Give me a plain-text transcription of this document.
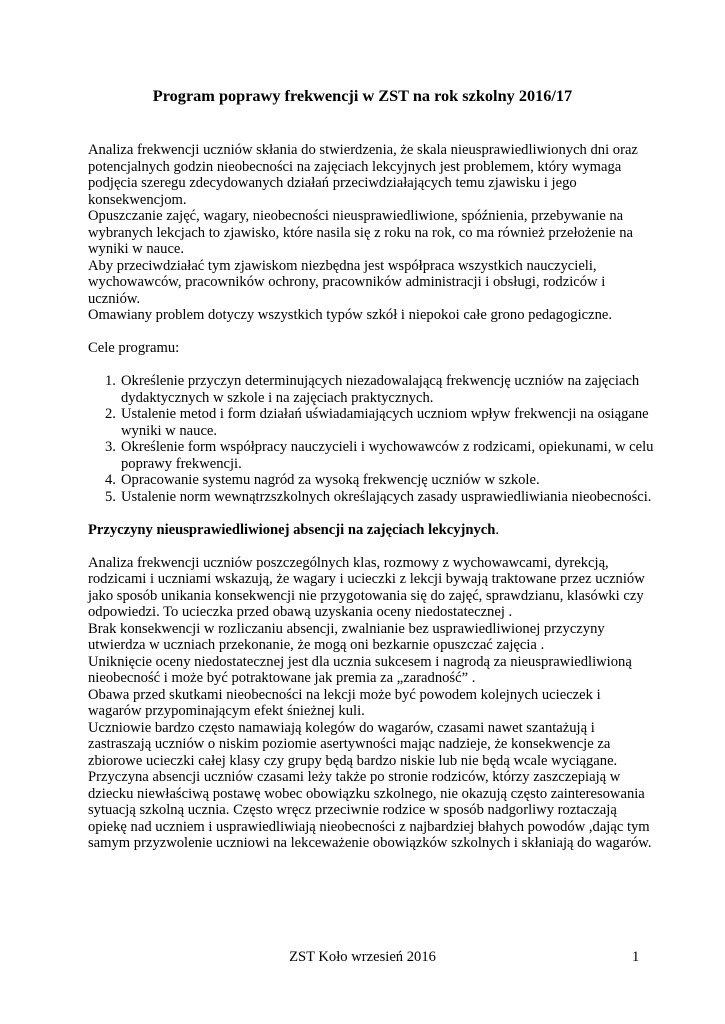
Program poprawy frekwencji w ZST na rok szkolny 2016/17

Analiza frekwencji uczniów skłania do stwierdzenia, że skala nieusprawiedliwionych dni oraz potencjalnych godzin nieobecności na zajęciach lekcyjnych jest problemem, który wymaga podjęcia szeregu zdecydowanych działań przeciwdziałających temu zjawisku i jego konsekwencjom.

Opuszczanie zajęć, wagary, nieobecności nieusprawiedliwione, spóźnienia, przebywanie na wybranych lekcjach to zjawisko, które nasila się z roku na rok, co ma również przełożenie na wyniki w nauce.

Aby przeciwdziałać tym zjawiskom niezbędna jest współpraca wszystkich nauczycieli, wychowawców, pracowników ochrony, pracowników administracji i obsługi, rodziców i uczniów.

Omawiany problem dotyczy wszystkich typów szkół i niepokoi całe grono pedagogiczne.

Cele programu:

1. Określenie przyczyn determinujących niezadowalającą frekwencję uczniów na zajęciach dydaktycznych w szkole i na zajęciach praktycznych.
2. Ustalenie metod i form działań uświadamiających uczniom wpływ frekwencji na osiągane wyniki w nauce.
3. Określenie form współpracy nauczycieli i wychowawców z rodzicami, opiekunami, w celu poprawy frekwencji.
4. Opracowanie systemu nagród za wysoką frekwencję uczniów w szkole.
5. Ustalenie norm wewnątrzszkolnych określających zasady usprawiedliwiania nieobecności.

Przyczyny nieusprawiedliwionej absencji na zajęciach lekcyjnych.

Analiza frekwencji uczniów poszczególnych klas, rozmowy z wychowawcami, dyrekcją, rodzicami i uczniami wskazują, że wagary i ucieczki z lekcji bywają traktowane przez uczniów jako sposób unikania konsekwencji nie przygotowania się do zajęć, sprawdzianu, klasówki czy odpowiedzi. To ucieczka przed obawą uzyskania oceny niedostatecznej .

Brak konsekwencji w rozliczaniu absencji, zwalnianie bez usprawiedliwionej przyczyny utwierdza w uczniach przekonanie, że mogą oni bezkarnie opuszczać zajęcia .

Uniknięcie oceny niedostatecznej jest dla ucznia sukcesem i nagrodą za nieusprawiedliwioną nieobecność i może być potraktowane jak premia za „zaradność” .

Obawa przed skutkami nieobecności na lekcji może być powodem kolejnych ucieczek i wagarów przypominającym efekt śnieżnej kuli.

Uczniowie bardzo często namawiają kolegów do wagarów, czasami nawet szantażują i zastraszają uczniów o niskim poziomie asertywności mając nadzieje, że konsekwencje za zbiorowe ucieczki całej klasy czy grupy będą bardzo niskie lub nie będą wcale wyciągane.

Przyczyna absencji uczniów czasami leży także po stronie rodziców, którzy zaszczepiają w dziecku niewłaściwą postawę wobec obowiązku szkolnego, nie okazują często zainteresowania sytuacją szkolną ucznia. Często wręcz przeciwnie rodzice w sposób nadgorliwy roztaczają opiekę nad uczniem i usprawiedliwiają nieobecności z najbardziej błahych powodów ,dając tym samym przyzwolenie uczniowi na lekceważenie obowiązków szkolnych i skłaniają do wagarów.

ZST Koło wrzesień 2016	1
